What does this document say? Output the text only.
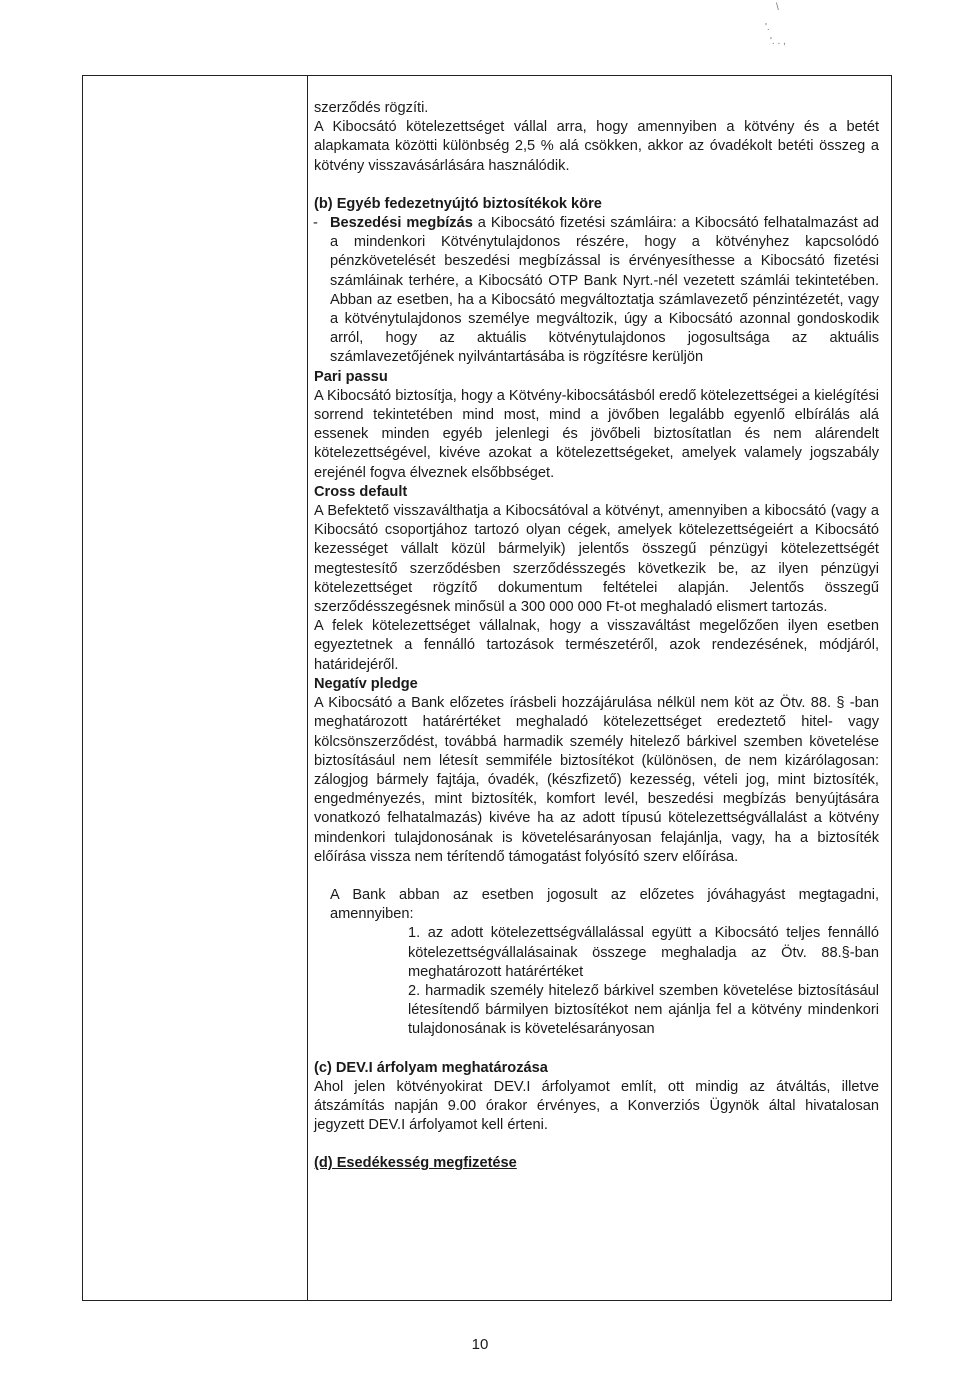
\
'.
'. . ,

szerződés rögzíti.

A Kibocsátó kötelezettséget vállal arra, hogy amennyiben a kötvény és a betét alapkamata közötti különbség 2,5 % alá csökken, akkor az óvadékolt betéti összeg a kötvény visszavásárlására használódik.

(b) Egyéb fedezetnyújtó biztosítékok köre

- Beszedési megbízás a Kibocsátó fizetési számláira: a Kibocsátó felhatalmazást ad a mindenkori Kötvénytulajdonos részére, hogy a kötvényhez kapcsolódó pénzkövetelését beszedési megbízással is érvényesíthesse a Kibocsátó fizetési számláinak terhére, a Kibocsátó OTP Bank Nyrt.-nél vezetett számlái tekintetében. Abban az esetben, ha a Kibocsátó megváltoztatja számlavezető pénzintézetét, vagy a kötvénytulajdonos személye megváltozik, úgy a Kibocsátó azonnal gondoskodik arról, hogy az aktuális kötvénytulajdonos jogosultsága az aktuális számlavezetőjének nyilvántartásába is rögzítésre kerüljön

Pari passu

A Kibocsátó biztosítja, hogy a Kötvény-kibocsátásból eredő kötelezettségei a kielégítési sorrend tekintetében mind most, mind a jövőben legalább egyenlő elbírálás alá essenek minden egyéb jelenlegi és jövőbeli biztosítatlan és nem alárendelt kötelezettségével, kivéve azokat a kötelezettségeket, amelyek valamely jogszabály erejénél fogva élveznek elsőbbséget.

Cross default

A Befektető visszaválthatja a Kibocsátóval a kötvényt, amennyiben a kibocsátó (vagy a Kibocsátó csoportjához tartozó olyan cégek, amelyek kötelezettségeiért a Kibocsátó kezességet vállalt közül bármelyik) jelentős összegű pénzügyi kötelezettségét megtestesítő szerződésben szerződésszegés következik be, az ilyen pénzügyi kötelezettséget rögzítő dokumentum feltételei alapján. Jelentős összegű szerződésszegésnek minősül a 300 000 000 Ft-ot meghaladó elismert tartozás.

A felek kötelezettséget vállalnak, hogy a visszaváltást megelőzően ilyen esetben egyeztetnek a fennálló tartozások természetéről, azok rendezésének, módjáról, határidejéről.

Negatív pledge

A Kibocsátó a Bank előzetes írásbeli hozzájárulása nélkül nem köt az Ötv. 88. § -ban meghatározott határértéket meghaladó kötelezettséget eredeztető hitel- vagy kölcsönszerződést, továbbá harmadik személy hitelező bárkivel szemben követelése biztosításául nem létesít semmiféle biztosítékot (különösen, de nem kizárólagosan: zálogjog bármely fajtája, óvadék, (készfizető) kezesség, vételi jog, mint biztosíték, engedményezés, mint biztosíték, komfort levél, beszedési megbízás benyújtására vonatkozó felhatalmazás) kivéve ha az adott típusú kötelezettségvállalást a kötvény mindenkori tulajdonosának is követelésarányosan felajánlja, vagy, ha a biztosíték előírása vissza nem térítendő támogatást folyósító szerv előírása.

A Bank abban az esetben jogosult az előzetes jóváhagyást megtagadni, amennyiben:

1. az adott kötelezettségvállalással együtt a Kibocsátó teljes fennálló kötelezettségvállalásainak összege meghaladja az Ötv. 88.§-ban meghatározott határértéket

2. harmadik személy hitelező bárkivel szemben követelése biztosításául létesítendő bármilyen biztosítékot nem ajánlja fel a kötvény mindenkori tulajdonosának is követelésarányosan

(c) DEV.I árfolyam meghatározása

Ahol jelen kötvényokirat DEV.I árfolyamot említ, ott mindig az átváltás, illetve átszámítás napján 9.00 órakor érvényes, a Konverziós Ügynök által hivatalosan jegyzett DEV.I árfolyamot kell érteni.

(d) Esedékesség megfizetése

10
